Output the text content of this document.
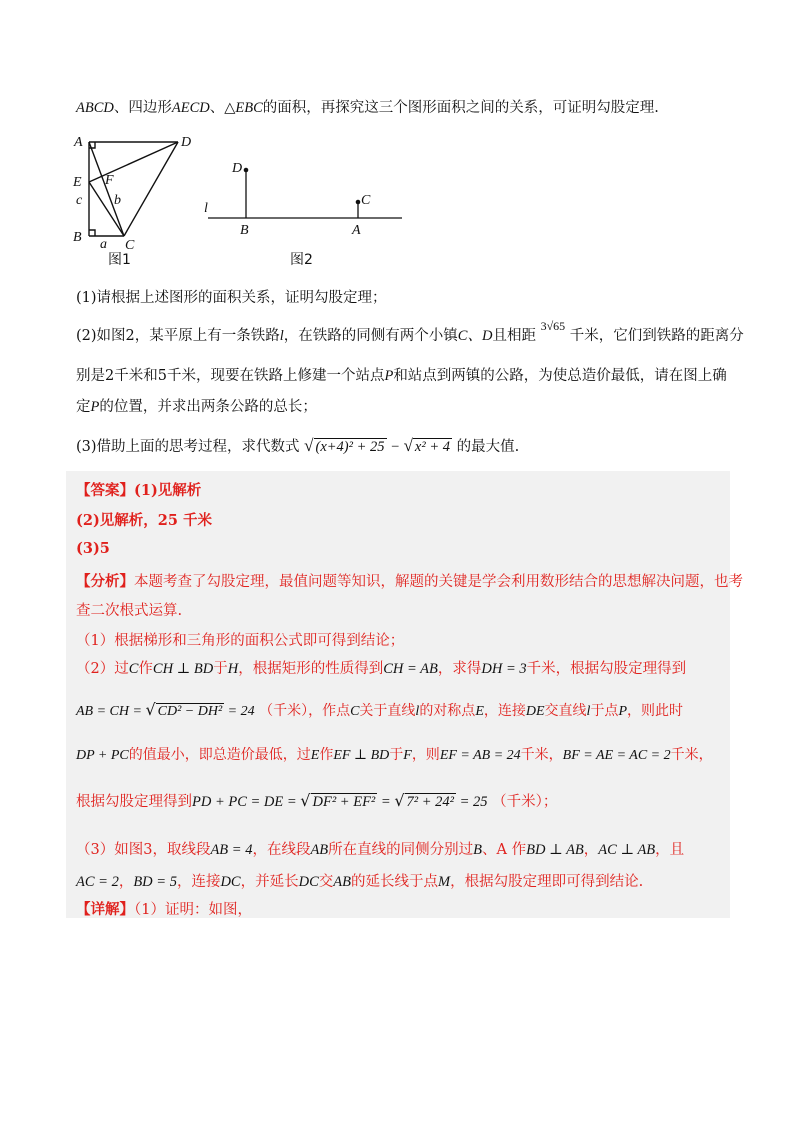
ABCD、四边形AECD、△EBC的面积，再探究这三个图形面积之间的关系，可证明勾股定理.
A	D
E F
c b
B a C
图1
D
C
l
B	A
图2
(1)请根据上述图形的面积关系，证明勾股定理；
(2)如图2，某平原上有一条铁路l，在铁路的同侧有两个小镇C、D且相距 $^{3√65}$ 千米，它们到铁路的距离分
别是2千米和5千米，现要在铁路上修建一个站点P和站点到两镇的公路，为使总造价最低，请在图上确
定P的位置，并求出两条公路的总长；
(3)借助上面的思考过程，求代数式 √ (x+4)² + 25 − √ x² + 4 的最大值.
【答案】(1)见解析
(2)见解析，25 千米
(3)5
【分析】本题考查了勾股定理，最值问题等知识，解题的关键是学会利用数形结合的思想解决问题，也考
查二次根式运算.
（1）根据梯形和三角形的面积公式即可得到结论；
（2）过C作CH ⊥ BD于H，根据矩形的性质得到CH = AB，求得DH = 3千米，根据勾股定理得到
AB = CH = √ CD² − DH² = 24 （千米），作点C关于直线l的对称点E，连接DE交直线l于点P，则此时
DP + PC的值最小，即总造价最低，过E作EF ⊥ BD于F，则EF = AB = 24千米，BF = AE = AC = 2千米，
根据勾股定理得到PD + PC = DE = √ DF² + EF² = √ 7² + 24² = 25 （千米）；
（3）如图3，取线段AB = 4，在线段AB所在直线的同侧分别过B、A 作BD ⊥ AB，AC ⊥ AB，且
AC = 2，BD = 5，连接DC，并延长DC交AB的延长线于点M，根据勾股定理即可得到结论.
【详解】（1）证明：如图，
